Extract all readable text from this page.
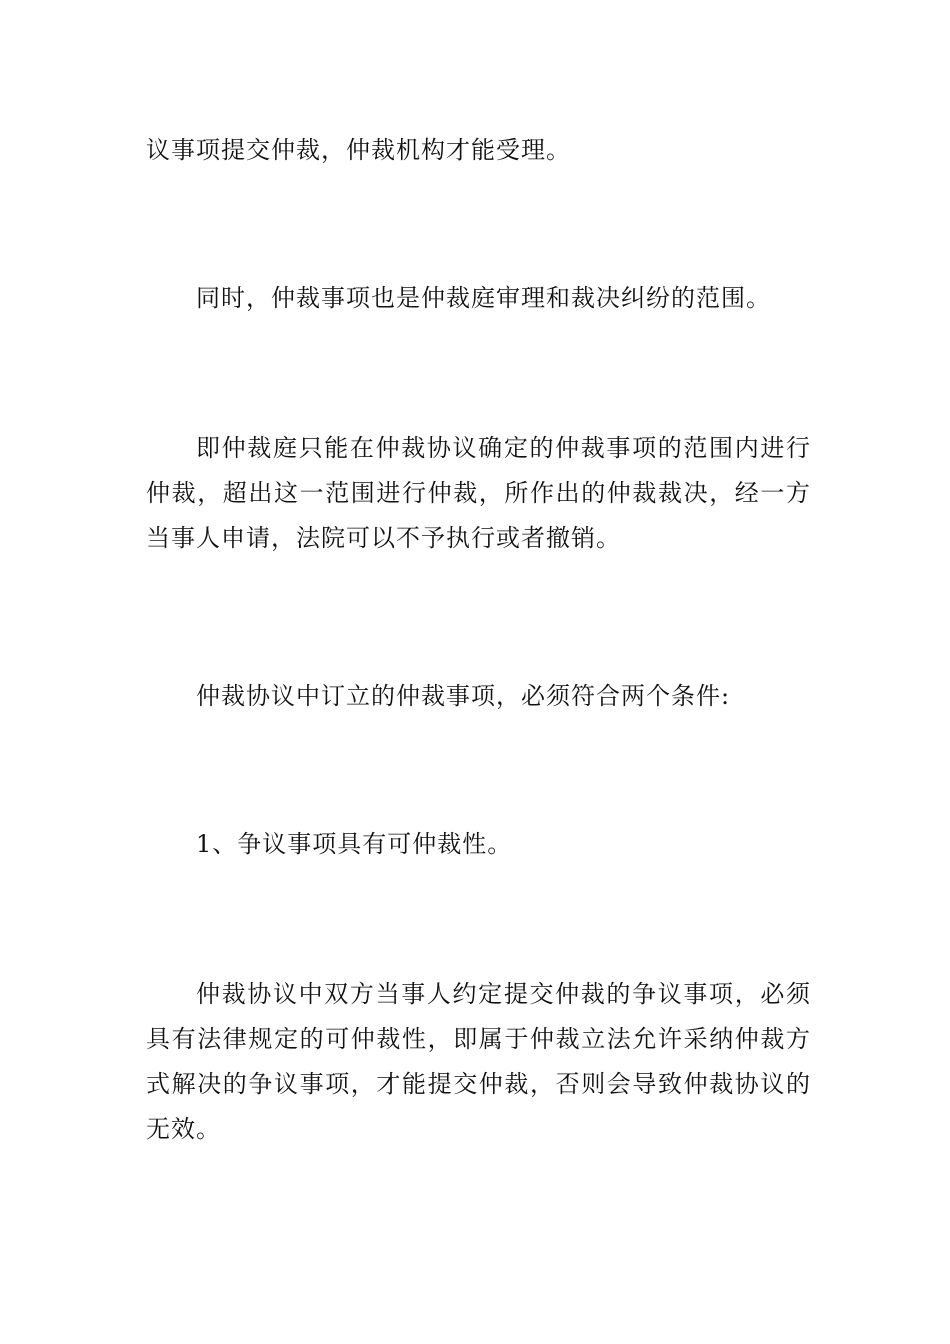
议事项提交仲裁，仲裁机构才能受理。

同时，仲裁事项也是仲裁庭审理和裁决纠纷的范围。

即仲裁庭只能在仲裁协议确定的仲裁事项的范围内进行仲裁，超出这一范围进行仲裁，所作出的仲裁裁决，经一方当事人申请，法院可以不予执行或者撤销。

仲裁协议中订立的仲裁事项，必须符合两个条件:

1、争议事项具有可仲裁性。

仲裁协议中双方当事人约定提交仲裁的争议事项，必须具有法律规定的可仲裁性，即属于仲裁立法允许采纳仲裁方式解决的争议事项，才能提交仲裁，否则会导致仲裁协议的无效。
